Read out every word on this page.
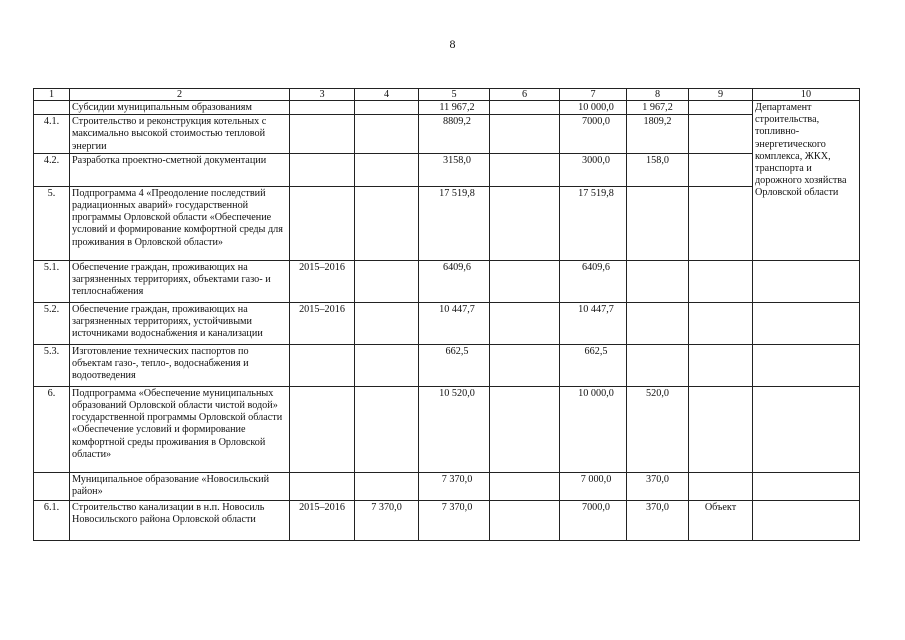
8
1	2	3	4	5	6	7	8	9	10
	Субсидии муниципальным образованиям			11 967,2		10 000,0	1 967,2		Департамент строительства, топливно-энергетического комплекса, ЖКХ, транспорта и дорожного хозяйства Орловской области
4.1.	Строительство и реконструкция котельных с максимально высокой стоимостью тепловой энергии			8809,2		7000,0	1809,2		
4.2.	Разработка проектно-сметной документации			3158,0		3000,0	158,0		
5.	Подпрограмма 4 «Преодоление последствий радиационных аварий» государственной программы Орловской области «Обеспечение условий и формирование комфортной среды для проживания в Орловской области»			17 519,8		17 519,8			
5.1.	Обеспечение граждан, проживающих на загрязненных территориях, объектами газо- и теплоснабжения	2015–2016		6409,6		6409,6			
5.2.	Обеспечение граждан, проживающих на загрязненных территориях, устойчивыми источниками водоснабжения и канализации	2015–2016		10 447,7		10 447,7			
5.3.	Изготовление технических паспортов по объектам газо-, тепло-, водоснабжения и водоотведения			662,5		662,5			
6.	Подпрограмма «Обеспечение муниципальных образований Орловской области чистой водой» государственной программы Орловской области «Обеспечение условий и формирование комфортной среды проживания в Орловской области»			10 520,0		10 000,0	520,0		
	Муниципальное образование «Новосильский район»			7 370,0		7 000,0	370,0		
6.1.	Строительство канализации в н.п. Новосиль Новосильского района Орловской области	2015–2016	7 370,0	7 370,0		7000,0	370,0	Объект	
